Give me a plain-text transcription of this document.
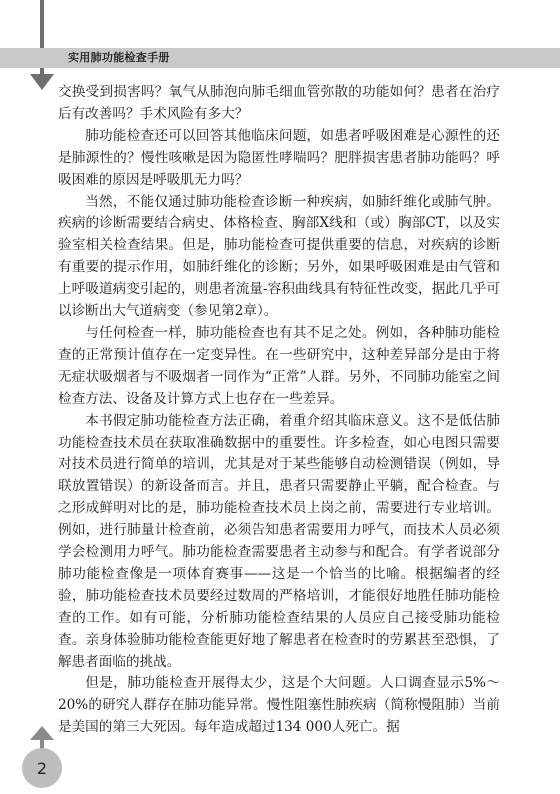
实用肺功能检查手册

交换受到损害吗？氧气从肺泡向肺毛细血管弥散的功能如何？患者在治疗后有改善吗？手术风险有多大？

肺功能检查还可以回答其他临床问题，如患者呼吸困难是心源性的还是肺源性的？慢性咳嗽是因为隐匿性哮喘吗？肥胖损害患者肺功能吗？呼吸困难的原因是呼吸肌无力吗？

当然，不能仅通过肺功能检查诊断一种疾病，如肺纤维化或肺气肿。疾病的诊断需要结合病史、体格检查、胸部X线和（或）胸部CT，以及实验室相关检查结果。但是，肺功能检查可提供重要的信息，对疾病的诊断有重要的提示作用，如肺纤维化的诊断；另外，如果呼吸困难是由气管和上呼吸道病变引起的，则患者流量-容积曲线具有特征性改变，据此几乎可以诊断出大气道病变（参见第2章）。

与任何检查一样，肺功能检查也有其不足之处。例如，各种肺功能检查的正常预计值存在一定变异性。在一些研究中，这种差异部分是由于将无症状吸烟者与不吸烟者一同作为“正常”人群。另外，不同肺功能室之间检查方法、设备及计算方式上也存在一些差异。

本书假定肺功能检查方法正确，着重介绍其临床意义。这不是低估肺功能检查技术员在获取准确数据中的重要性。许多检查，如心电图只需要对技术员进行简单的培训，尤其是对于某些能够自动检测错误（例如，导联放置错误）的新设备而言。并且，患者只需要静止平躺，配合检查。与之形成鲜明对比的是，肺功能检查技术员上岗之前，需要进行专业培训。例如，进行肺量计检查前，必须告知患者需要用力呼气，而技术人员必须学会检测用力呼气。肺功能检查需要患者主动参与和配合。有学者说部分肺功能检查像是一项体育赛事——这是一个恰当的比喻。根据编者的经验，肺功能检查技术员要经过数周的严格培训，才能很好地胜任肺功能检查的工作。如有可能，分析肺功能检查结果的人员应自己接受肺功能检查。亲身体验肺功能检查能更好地了解患者在检查时的劳累甚至恐惧，了解患者面临的挑战。

但是，肺功能检查开展得太少，这是个大问题。人口调查显示5%～20%的研究人群存在肺功能异常。慢性阻塞性肺疾病（简称慢阻肺）当前是美国的第三大死因。每年造成超过134 000人死亡。据

2
